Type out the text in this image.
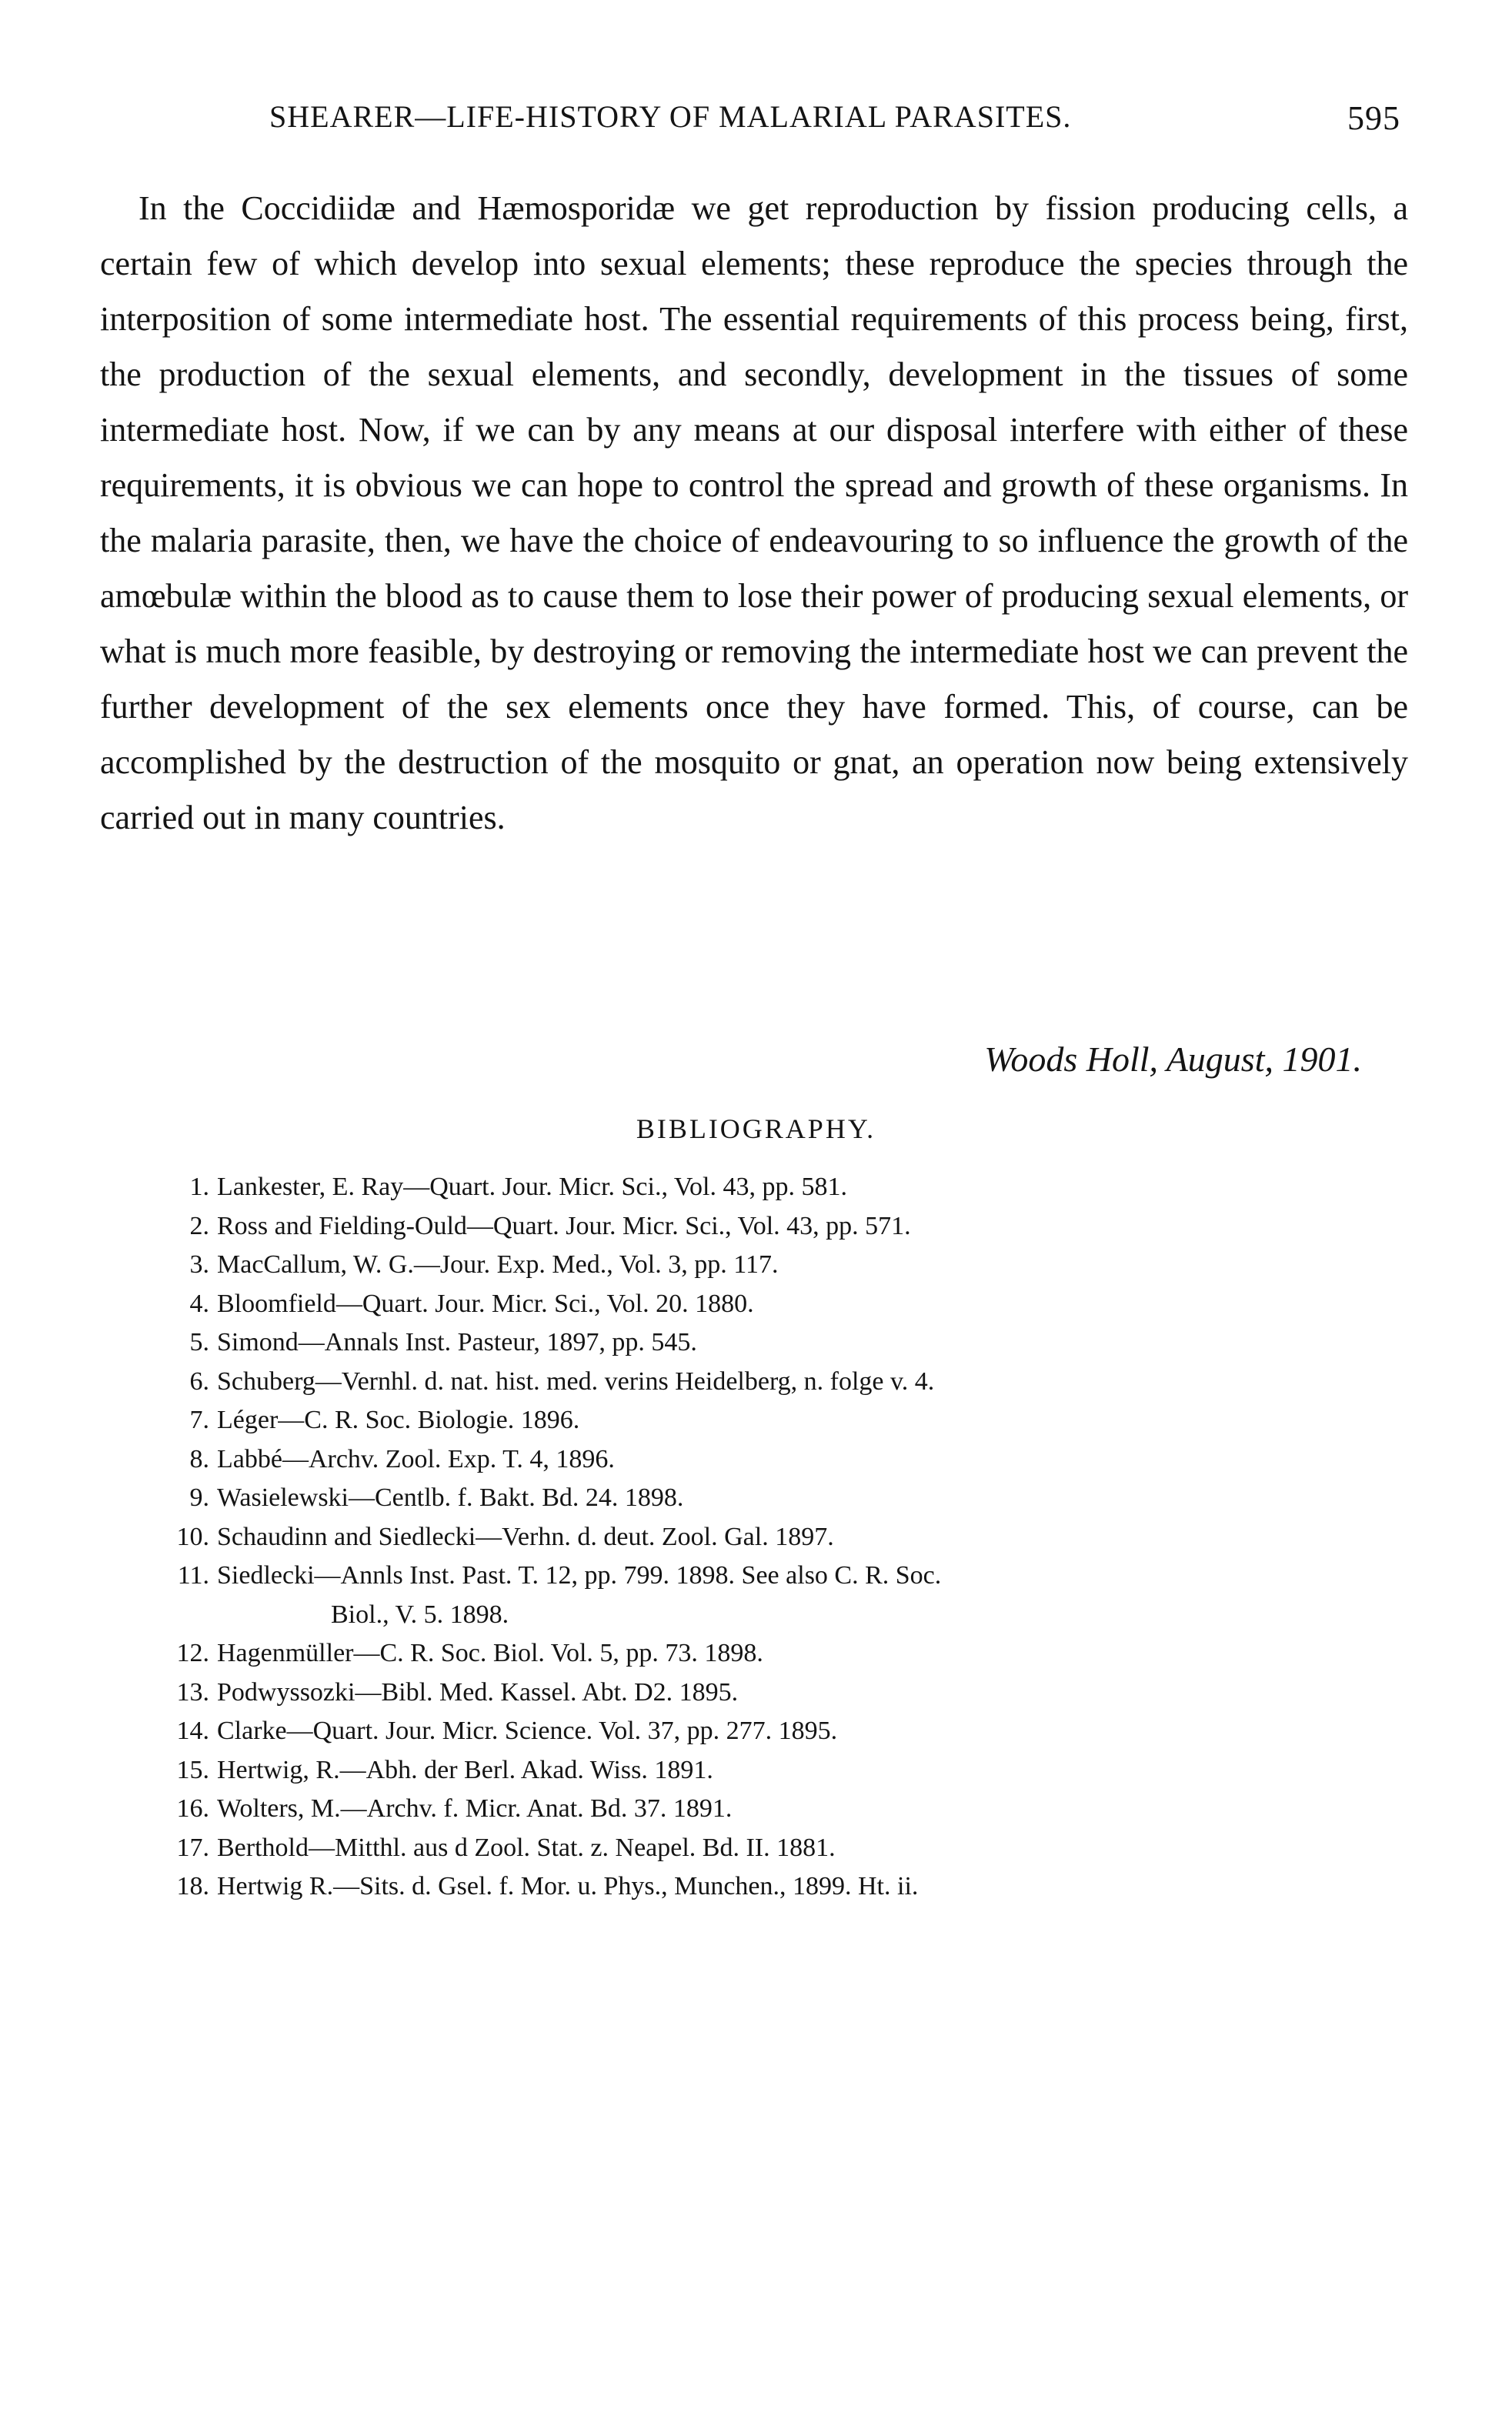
SHEARER—LIFE-HISTORY OF MALARIAL PARASITES.	595

In the Coccidiidæ and Hæmosporidæ we get reproduction by fission producing cells, a certain few of which develop into sexual elements; these reproduce the species through the interposition of some intermediate host. The essential requirements of this process being, first, the production of the sexual elements, and secondly, development in the tissues of some intermediate host. Now, if we can by any means at our disposal interfere with either of these requirements, it is obvious we can hope to control the spread and growth of these organisms. In the malaria parasite, then, we have the choice of endeavouring to so influence the growth of the amœbulæ within the blood as to cause them to lose their power of producing sexual elements, or what is much more feasible, by destroying or removing the intermediate host we can prevent the further development of the sex elements once they have formed. This, of course, can be accomplished by the destruction of the mosquito or gnat, an operation now being extensively carried out in many countries.

Woods Holl, August, 1901.
BIBLIOGRAPHY.
1. Lankester, E. Ray—Quart. Jour. Micr. Sci., Vol. 43, pp. 581.
2. Ross and Fielding-Ould—Quart. Jour. Micr. Sci., Vol. 43, pp. 571.
3. MacCallum, W. G.—Jour. Exp. Med., Vol. 3, pp. 117.
4. Bloomfield—Quart. Jour. Micr. Sci., Vol. 20. 1880.
5. Simond—Annals Inst. Pasteur, 1897, pp. 545.
6. Schuberg—Vernhl. d. nat. hist. med. verins Heidelberg, n. folge v. 4.
7. Léger—C. R. Soc. Biologie. 1896.
8. Labbé—Archv. Zool. Exp. T. 4, 1896.
9. Wasielewski—Centlb. f. Bakt. Bd. 24. 1898.
10. Schaudinn and Siedlecki—Verhn. d. deut. Zool. Gal. 1897.
11. Siedlecki—Annls Inst. Past. T. 12, pp. 799. 1898. See also C. R. Soc.
Biol., V. 5. 1898.
12. Hagenmüller—C. R. Soc. Biol. Vol. 5, pp. 73. 1898.
13. Podwyssozki—Bibl. Med. Kassel. Abt. D2. 1895.
14. Clarke—Quart. Jour. Micr. Science. Vol. 37, pp. 277. 1895.
15. Hertwig, R.—Abh. der Berl. Akad. Wiss. 1891.
16. Wolters, M.—Archv. f. Micr. Anat. Bd. 37. 1891.
17. Berthold—Mitthl. aus d Zool. Stat. z. Neapel. Bd. II. 1881.
18. Hertwig R.—Sits. d. Gsel. f. Mor. u. Phys., Munchen., 1899. Ht. ii.
